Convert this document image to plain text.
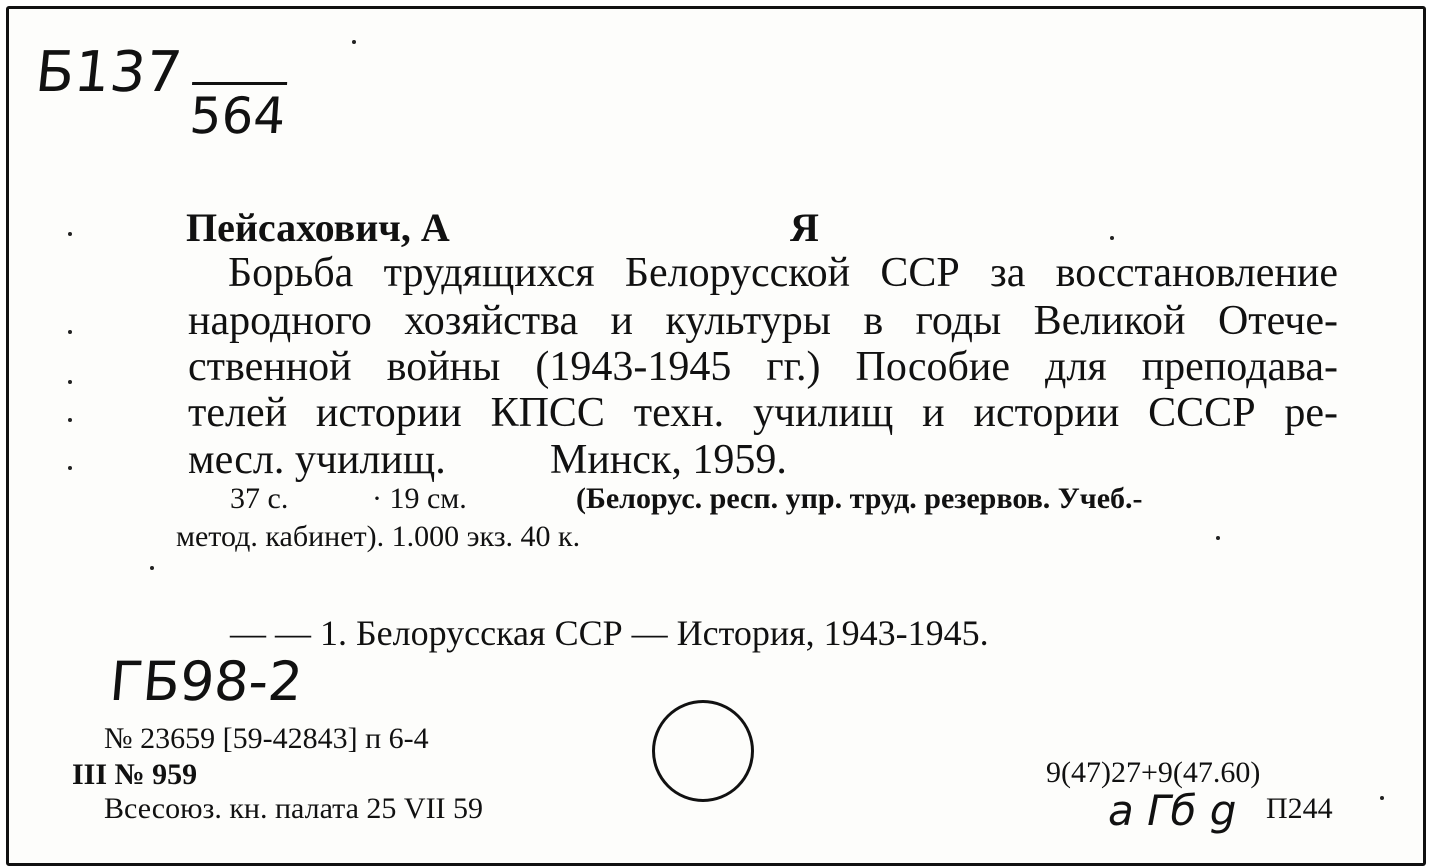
Б137
564
Пейсахович, А	Я
Борьба трудящихся Белорусской ССР за восстановление
народного хозяйства и культуры в годы Великой Отече-
ственной войны (1943-1945 гг.) Пособие для преподава-
телей истории КПСС техн. училищ и истории СССР ре-
месл. училищ. Минск, 1959.
37 с.	· 19 см.	(Белорус. респ. упр. труд. резервов. Учеб.-
метод. кабинет). 1.000 экз. 40 к.
— — 1. Белорусская ССР — История, 1943-1945.
ГБ98-2
№ 23659 [59-42843] п 6-4
III № 959
Всесоюз. кн. палата 25 VII 59
9(47)27+9(47.60)
a Гб g П244
